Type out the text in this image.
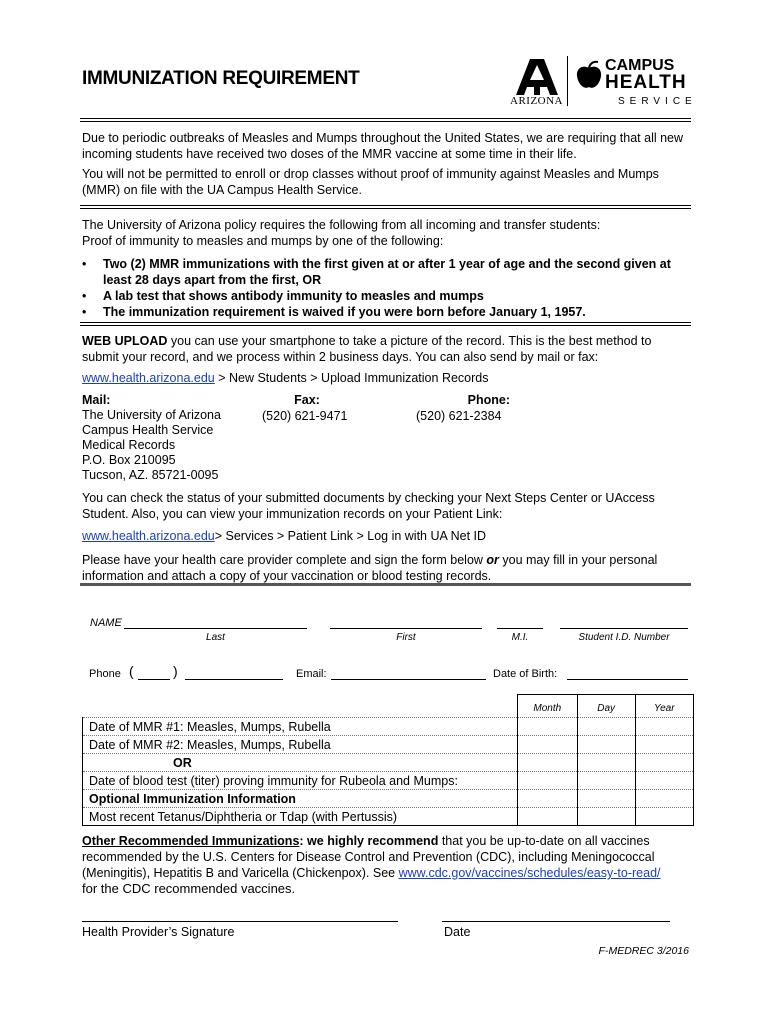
IMMUNIZATION REQUIREMENT
ARIZONA
CAMPUS
HEALTH
SERVICE
Due to periodic outbreaks of Measles and Mumps throughout the United States, we are requiring that all new incoming students have received two doses of the MMR vaccine at some time in their life.
You will not be permitted to enroll or drop classes without proof of immunity against Measles and Mumps (MMR) on file with the UA Campus Health Service.
The University of Arizona policy requires the following from all incoming and transfer students:
Proof of immunity to measles and mumps by one of the following:
• Two (2) MMR immunizations with the first given at or after 1 year of age and the second given at least 28 days apart from the first, OR
• A lab test that shows antibody immunity to measles and mumps
• The immunization requirement is waived if you were born before January 1, 1957.
WEB UPLOAD you can use your smartphone to take a picture of the record. This is the best method to submit your record, and we process within 2 business days. You can also send by mail or fax:
www.health.arizona.edu > New Students > Upload Immunization Records
Mail:
The University of Arizona
Campus Health Service
Medical Records
P.O. Box 210095
Tucson, AZ. 85721-0095
Fax:
(520) 621-9471
Phone:
(520) 621-2384
You can check the status of your submitted documents by checking your Next Steps Center or UAccess Student. Also, you can view your immunization records on your Patient Link:
www.health.arizona.edu> Services > Patient Link > Log in with UA Net ID
Please have your health care provider complete and sign the form below or you may fill in your personal information and attach a copy of your vaccination or blood testing records.
NAME
Last	First	M.I.	Student I.D. Number
Phone (	)	Email:	Date of Birth:
	Month	Day	Year
Date of MMR #1: Measles, Mumps, Rubella			
Date of MMR #2: Measles, Mumps, Rubella			
OR			
Date of blood test (titer) proving immunity for Rubeola and Mumps:			
Optional Immunization Information			
Most recent Tetanus/Diphtheria or Tdap (with Pertussis)			
Other Recommended Immunizations: we highly recommend that you be up-to-date on all vaccines recommended by the U.S. Centers for Disease Control and Prevention (CDC), including Meningococcal (Meningitis), Hepatitis B and Varicella (Chickenpox). See www.cdc.gov/vaccines/schedules/easy-to-read/
for the CDC recommended vaccines.
Health Provider’s Signature	Date
F-MEDREC 3/2016
